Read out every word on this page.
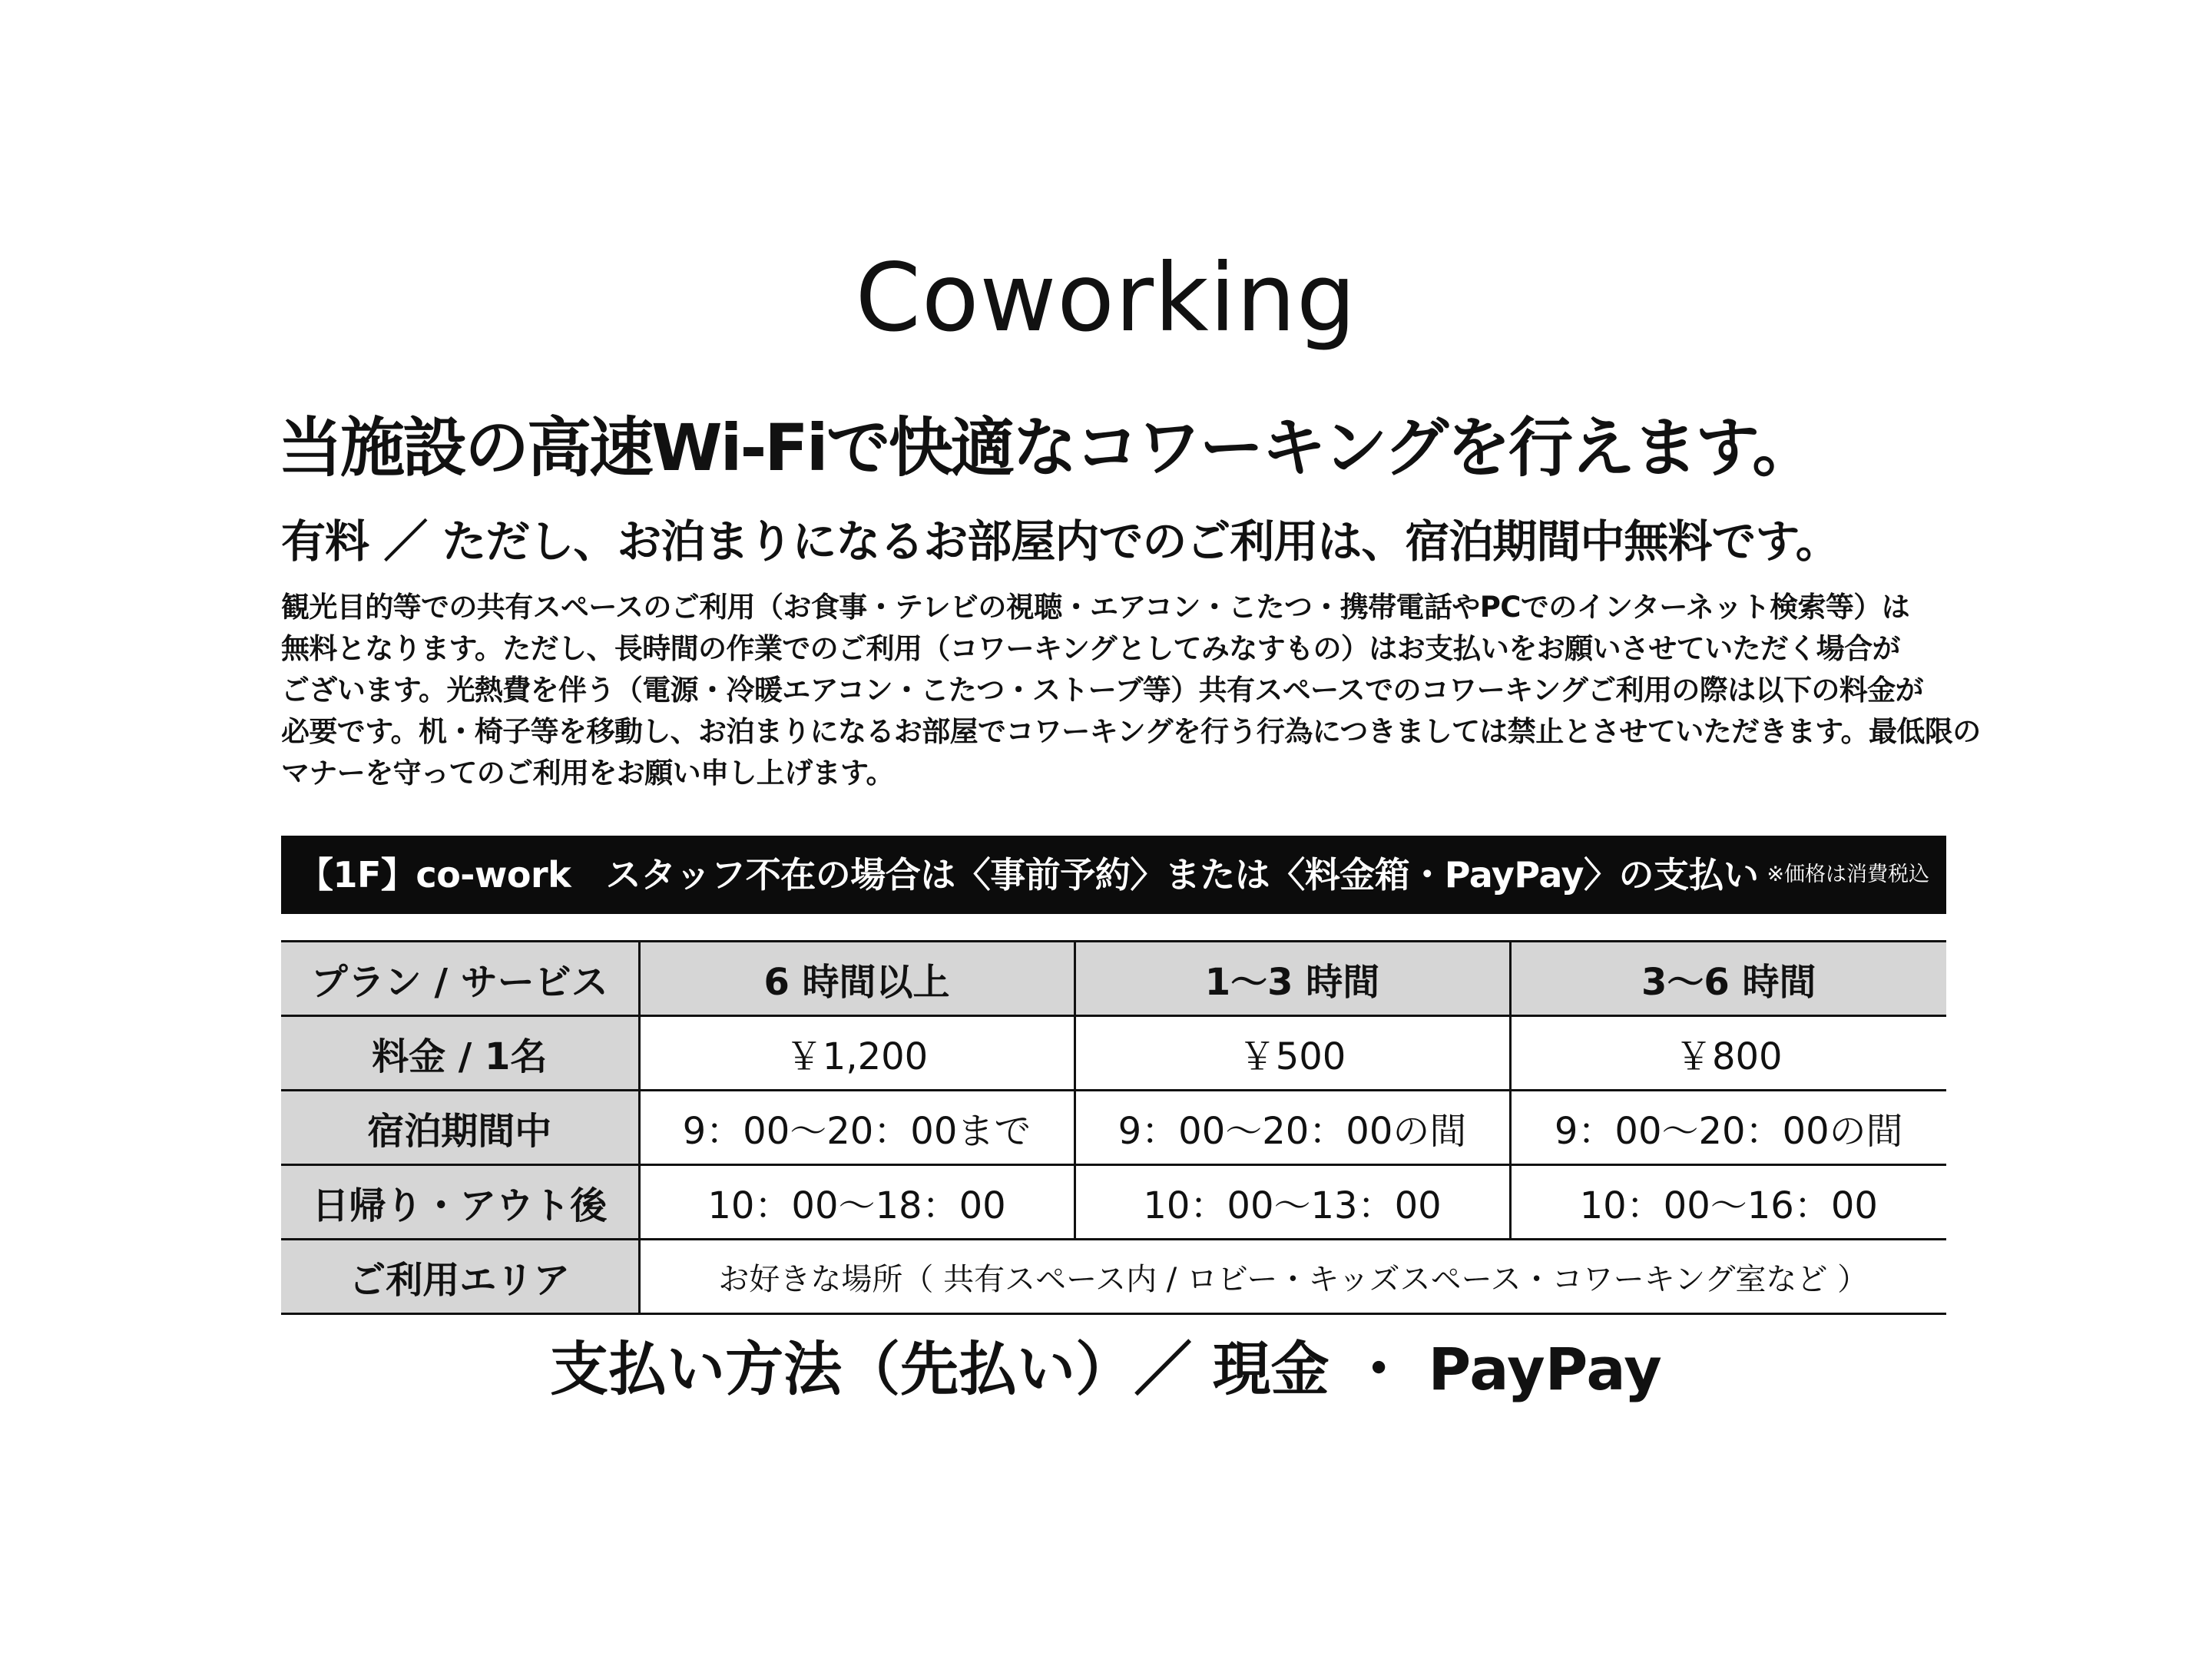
Coworking
当施設の高速Wi-Fiで快適なコワーキングを行えます。
有料 ／ ただし、お泊まりになるお部屋内でのご利用は、宿泊期間中無料です。
観光目的等での共有スペースのご利用（お食事・テレビの視聴・エアコン・こたつ・携帯電話やPCでのインターネット検索等）は
無料となります。ただし、長時間の作業でのご利用（コワーキングとしてみなすもの）はお支払いをお願いさせていただく場合が
ございます。光熱費を伴う（電源・冷暖エアコン・こたつ・ストーブ等）共有スペースでのコワーキングご利用の際は以下の料金が
必要です。机・椅子等を移動し、お泊まりになるお部屋でコワーキングを行う行為につきましては禁止とさせていただきます。最低限の
マナーを守ってのご利用をお願い申し上げます。
【1F】co-work　スタッフ不在の場合は〈事前予約〉または〈料金箱・PayPay〉の支払い ※価格は消費税込
プラン / サービス	6 時間以上	1〜3 時間	3〜6 時間
料金 / 1名	￥1,200	￥500	￥800
宿泊期間中	9：00〜20：00まで	9：00〜20：00の間	9：00〜20：00の間
日帰り・アウト後	10：00〜18：00	10：00〜13：00	10：00〜16：00
ご利用エリア	お好きな場所（ 共有スペース内 / ロビー・キッズスペース・コワーキング室など ）		
支払い方法（先払い）／ 現金 ・ PayPay
